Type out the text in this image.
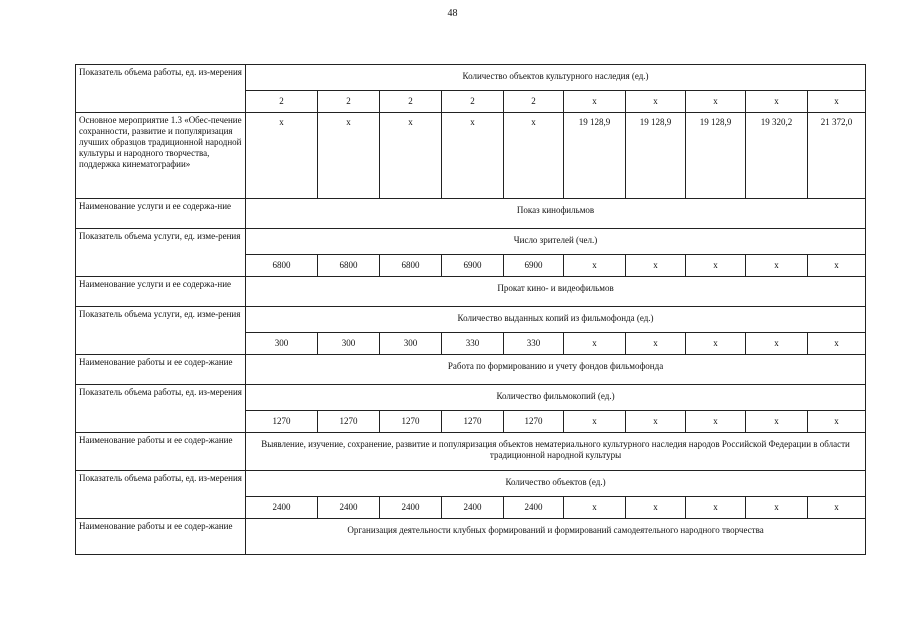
48
Показатель объема работы, ед. из-мерения	Количество объектов культурного наследия (ед.)									
	2	2	2	2	2	х	х	х	х	х
Основное мероприятие 1.3 «Обес-печение сохранности, развитие и популяризация лучших образцов традиционной народной культуры и народного творчества, поддержка кинематографии»	х	х	х	х	х	19 128,9	19 128,9	19 128,9	19 320,2	21 372,0
Наименование услуги и ее содержа-ние	Показ кинофильмов									
Показатель объема услуги, ед. изме-рения	Число зрителей (чел.)									
	6800	6800	6800	6900	6900	х	х	х	х	х
Наименование услуги и ее содержа-ние	Прокат кино- и видеофильмов									
Показатель объема услуги, ед. изме-рения	Количество выданных копий из фильмофонда (ед.)									
	300	300	300	330	330	х	х	х	х	х
Наименование работы и ее содер-жание	Работа по формированию и учету фондов фильмофонда									
Показатель объема работы, ед. из-мерения	Количество фильмокопий (ед.)									
	1270	1270	1270	1270	1270	х	х	х	х	х
Наименование работы и ее содер-жание	Выявление, изучение, сохранение, развитие и популяризация объектов нематериального культурного наследия народов Российской Федерации в области традиционной народной культуры									
Показатель объема работы, ед. из-мерения	Количество объектов (ед.)									
	2400	2400	2400	2400	2400	х	х	х	х	х
Наименование работы и ее содер-жание	Организация деятельности клубных формирований и формирований самодеятельного народного творчества									
